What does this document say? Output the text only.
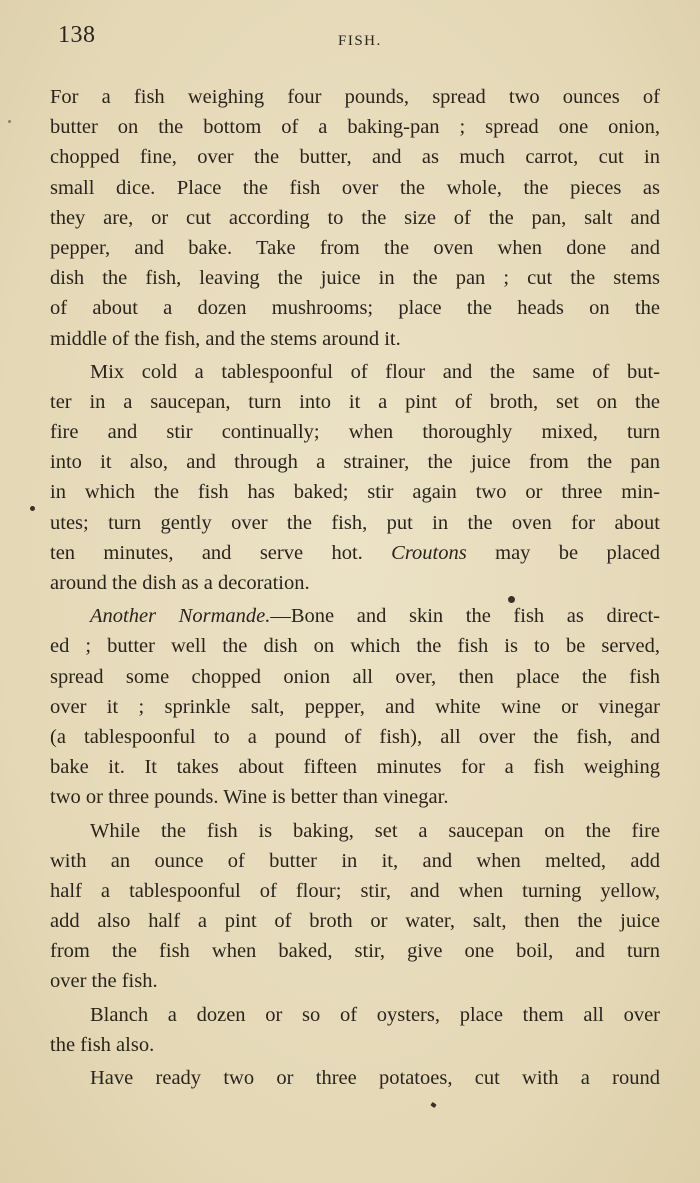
138	FISH.
For a fish weighing four pounds, spread two ounces of
butter on the bottom of a baking-pan ; spread one onion,
chopped fine, over the butter, and as much carrot, cut in
small dice. Place the fish over the whole, the pieces as
they are, or cut according to the size of the pan, salt and
pepper, and bake. Take from the oven when done and
dish the fish, leaving the juice in the pan ; cut the stems
of about a dozen mushrooms; place the heads on the
middle of the fish, and the stems around it.
Mix cold a tablespoonful of flour and the same of but-
ter in a saucepan, turn into it a pint of broth, set on the
fire and stir continually; when thoroughly mixed, turn
into it also, and through a strainer, the juice from the pan
in which the fish has baked; stir again two or three min-
utes; turn gently over the fish, put in the oven for about
ten minutes, and serve hot. Croutons may be placed
around the dish as a decoration.
Another Normande.—Bone and skin the fish as direct-
ed ; butter well the dish on which the fish is to be served,
spread some chopped onion all over, then place the fish
over it ; sprinkle salt, pepper, and white wine or vinegar
(a tablespoonful to a pound of fish), all over the fish, and
bake it. It takes about fifteen minutes for a fish weighing
two or three pounds. Wine is better than vinegar.
While the fish is baking, set a saucepan on the fire
with an ounce of butter in it, and when melted, add
half a tablespoonful of flour; stir, and when turning yellow,
add also half a pint of broth or water, salt, then the juice
from the fish when baked, stir, give one boil, and turn
over the fish.
Blanch a dozen or so of oysters, place them all over
the fish also.
Have ready two or three potatoes, cut with a round
